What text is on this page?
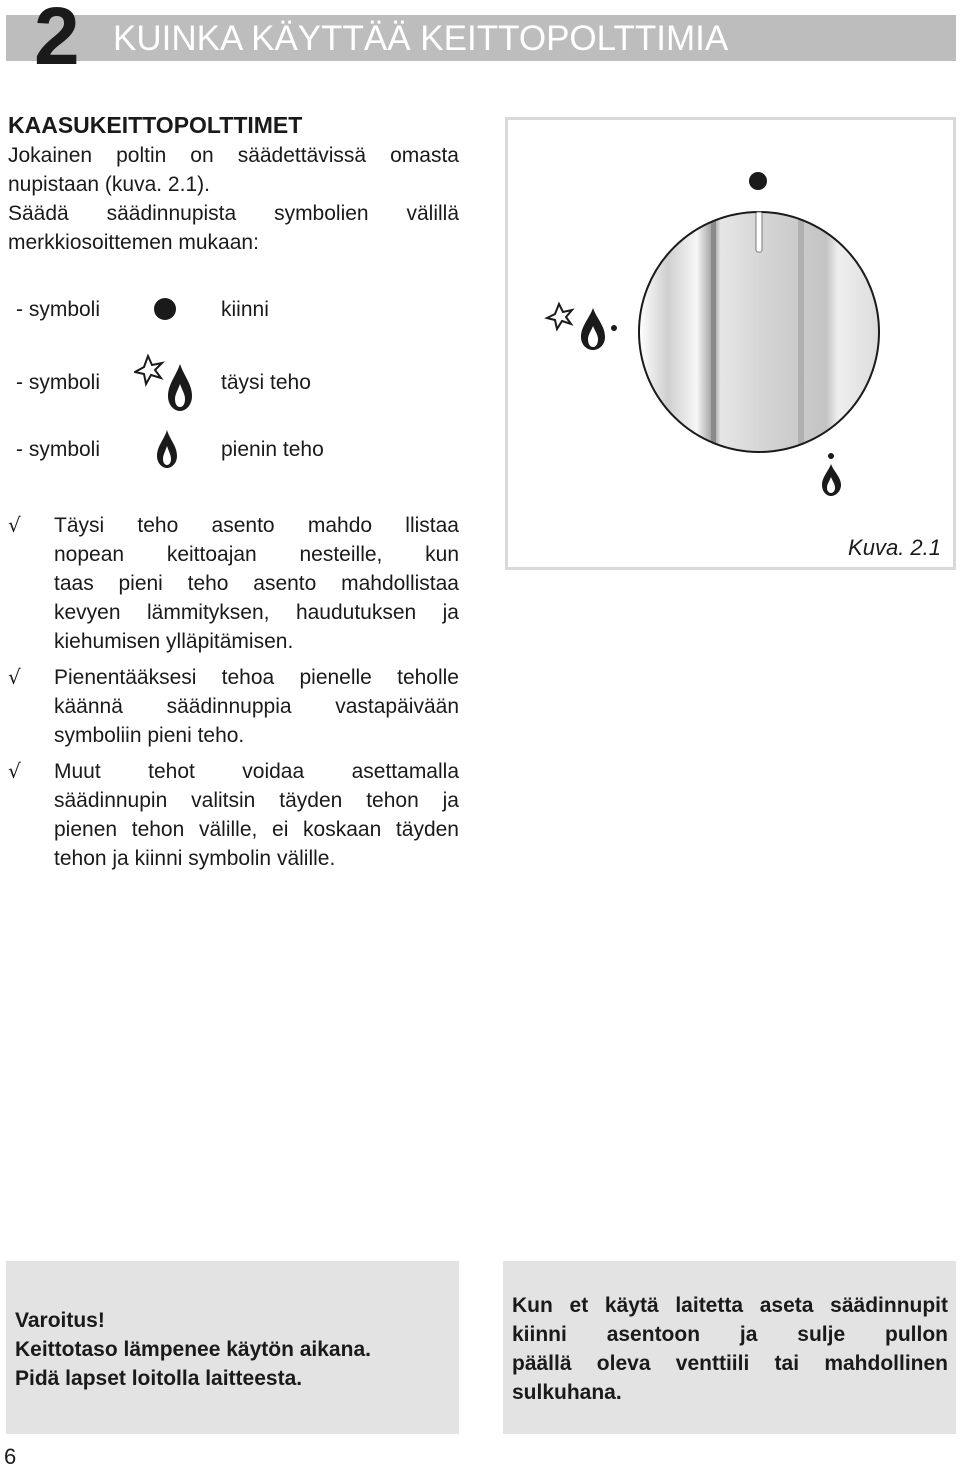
2 KUINKA KÄYTTÄÄ KEITTOPOLTTIMIA
KAASUKEITTOPOLTTIMET
Jokainen poltin on säädettävissä omasta
nupistaan (kuva. 2.1).
Säädä säädinnupista symbolien välillä
merkkiosoittemen mukaan:
- symboli	kiinni
- symboli	täysi teho
- symboli	pienin teho
√ Täysi teho asento mahdo llistaa
nopean keittoajan nesteille, kun
taas pieni teho asento mahdollistaa
kevyen lämmityksen, haudutuksen ja
kiehumisen ylläpitämisen.
√ Pienentääksesi tehoa pienelle teholle
käännä säädinnuppia vastapäivään
symboliin pieni teho.
√ Muut tehot voidaa asettamalla
säädinnupin valitsin täyden tehon ja
pienen tehon välille, ei koskaan täyden
tehon ja kiinni symbolin välille.
Kuva. 2.1
Varoitus!
Keittotaso lämpenee käytön aikana.
Pidä lapset loitolla laitteesta.
Kun et käytä laitetta aseta säädinnupit
kiinni asentoon ja sulje pullon
päällä oleva venttiili tai mahdollinen
sulkuhana.
6
